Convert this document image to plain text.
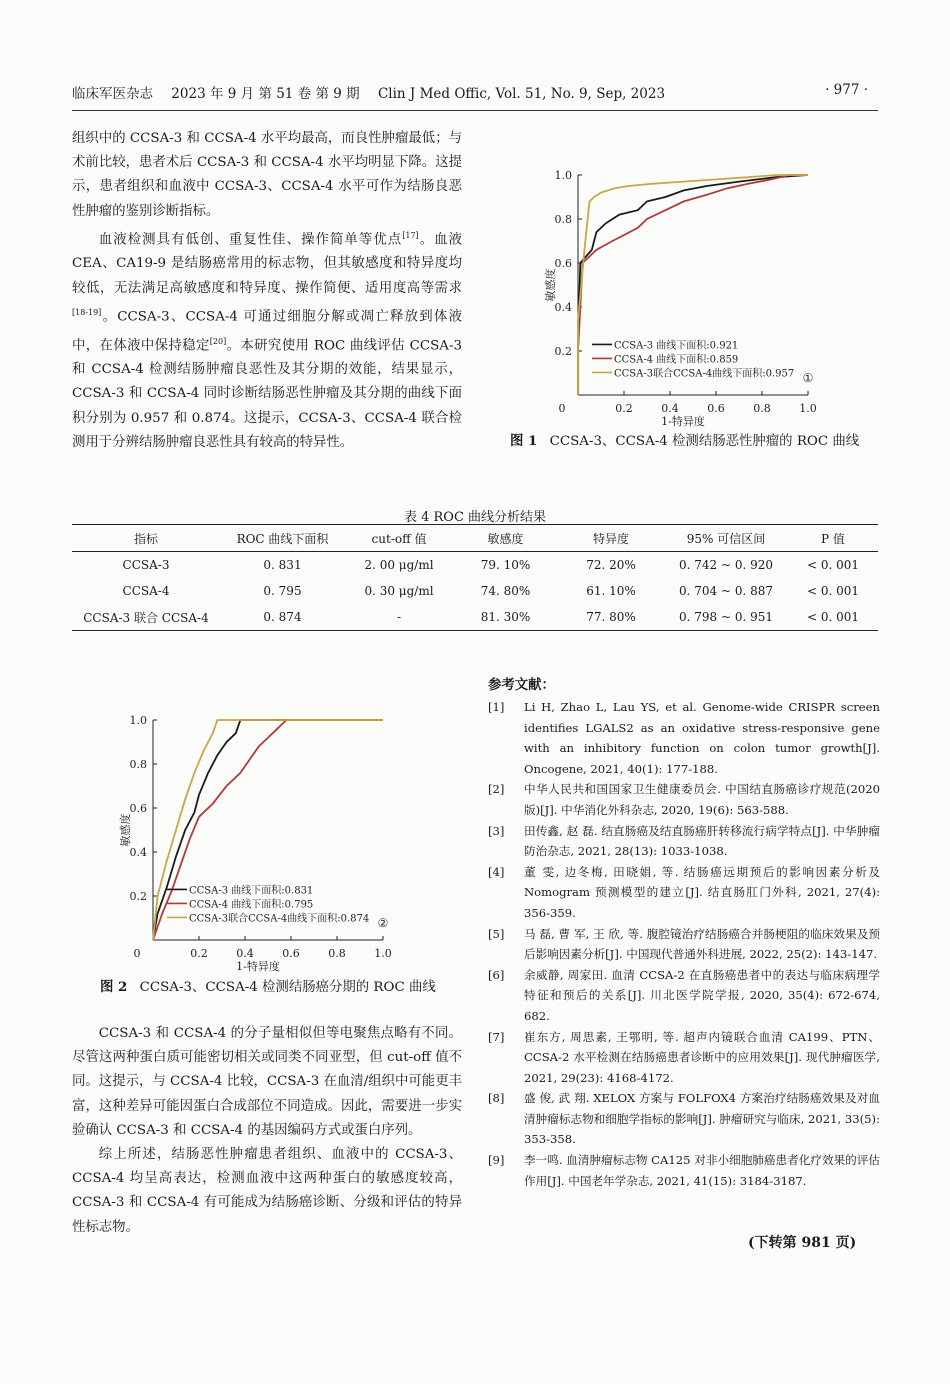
临床军医杂志 2023 年 9 月 第 51 卷 第 9 期 Clin J Med Offic, Vol. 51, No. 9, Sep, 2023	· 977 ·

组织中的 CCSA-3 和 CCSA-4 水平均最高，而良性肿瘤最低；与术前比较，患者术后 CCSA-3 和 CCSA-4 水平均明显下降。这提示，患者组织和血液中 CCSA-3、CCSA-4 水平可作为结肠良恶性肿瘤的鉴别诊断指标。

血液检测具有低创、重复性佳、操作简单等优点[17]。血液 CEA、CA19-9 是结肠癌常用的标志物，但其敏感度和特异度均较低，无法满足高敏感度和特异度、操作简便、适用度高等需求[18-19]。CCSA-3、CCSA-4 可通过细胞分解或凋亡释放到体液中，在体液中保持稳定[20]。本研究使用 ROC 曲线评估 CCSA-3 和 CCSA-4 检测结肠肿瘤良恶性及其分期的效能，结果显示，CCSA-3 和 CCSA-4 同时诊断结肠恶性肿瘤及其分期的曲线下面积分别为 0.957 和 0.874。这提示，CCSA-3、CCSA-4 联合检测用于分辨结肠肿瘤良恶性具有较高的特异性。

0.2
0.4
0.6
0.8
1.0
0	0.2	0.4	0.6	0.8	1.0
1-特异度
敏感度
CCSA-3 曲线下面积:0.921
CCSA-4 曲线下面积:0.859
CCSA-3联合CCSA-4曲线下面积:0.957 ①
图 1 CCSA-3、CCSA-4 检测结肠恶性肿瘤的 ROC 曲线
表 4 ROC 曲线分析结果
指标	ROC 曲线下面积	cut-off 值	敏感度	特异度	95% 可信区间	P 值
CCSA-3	0. 831	2. 00 μg/ml	79. 10%	72. 20%	0. 742 ~ 0. 920	< 0. 001
CCSA-4	0. 795	0. 30 μg/ml	74. 80%	61. 10%	0. 704 ~ 0. 887	< 0. 001
CCSA-3 联合 CCSA-4	0. 874	-	81. 30%	77. 80%	0. 798 ~ 0. 951	< 0. 001
0.2
0.4
0.6
0.8
1.0
0	0.2	0.4	0.6	0.8	1.0
1-特异度
敏感度
CCSA-3 曲线下面积:0.831
CCSA-4 曲线下面积:0.795
CCSA-3联合CCSA-4曲线下面积:0.874 ②
图 2 CCSA-3、CCSA-4 检测结肠癌分期的 ROC 曲线

CCSA-3 和 CCSA-4 的分子量相似但等电聚焦点略有不同。尽管这两种蛋白质可能密切相关或同类不同亚型，但 cut-off 值不同。这提示，与 CCSA-4 比较，CCSA-3 在血清/组织中可能更丰富，这种差异可能因蛋白合成部位不同造成。因此，需要进一步实验确认 CCSA-3 和 CCSA-4 的基因编码方式或蛋白序列。

综上所述，结肠恶性肿瘤患者组织、血液中的 CCSA-3、CCSA-4 均呈高表达，检测血液中这两种蛋白的敏感度较高，CCSA-3 和 CCSA-4 有可能成为结肠癌诊断、分级和评估的特异性标志物。

参考文献：
[1]	Li H, Zhao L, Lau YS, et al. Genome-wide CRISPR screen identifies LGALS2 as an oxidative stress-responsive gene with an inhibitory function on colon tumor growth[J]. Oncogene, 2021, 40(1): 177-188.
[2]	中华人民共和国国家卫生健康委员会. 中国结直肠癌诊疗规范(2020 版)[J]. 中华消化外科杂志, 2020, 19(6): 563-588.
[3]	田传鑫, 赵 磊. 结直肠癌及结直肠癌肝转移流行病学特点[J]. 中华肿瘤防治杂志, 2021, 28(13): 1033-1038.
[4]	董 雯, 边冬梅, 田晓娟, 等. 结肠癌远期预后的影响因素分析及 Nomogram 预测模型的建立[J]. 结直肠肛门外科, 2021, 27(4): 356-359.
[5]	马 磊, 曹 军, 王 欣, 等. 腹腔镜治疗结肠癌合并肠梗阻的临床效果及预后影响因素分析[J]. 中国现代普通外科进展, 2022, 25(2): 143-147.
[6]	余威静, 周家田. 血清 CCSA-2 在直肠癌患者中的表达与临床病理学特征和预后的关系[J]. 川北医学院学报, 2020, 35(4): 672-674, 682.
[7]	崔东方, 周思素, 王鄂明, 等. 超声内镜联合血清 CA199、PTN、CCSA-2 水平检测在结肠癌患者诊断中的应用效果[J]. 现代肿瘤医学, 2021, 29(23): 4168-4172.
[8]	盛 俊, 武 翔. XELOX 方案与 FOLFOX4 方案治疗结肠癌效果及对血清肿瘤标志物和细胞学指标的影响[J]. 肿瘤研究与临床, 2021, 33(5): 353-358.
[9]	李一鸣. 血清肿瘤标志物 CA125 对非小细胞肺癌患者化疗效果的评估作用[J]. 中国老年学杂志, 2021, 41(15): 3184-3187.
(下转第 981 页)
